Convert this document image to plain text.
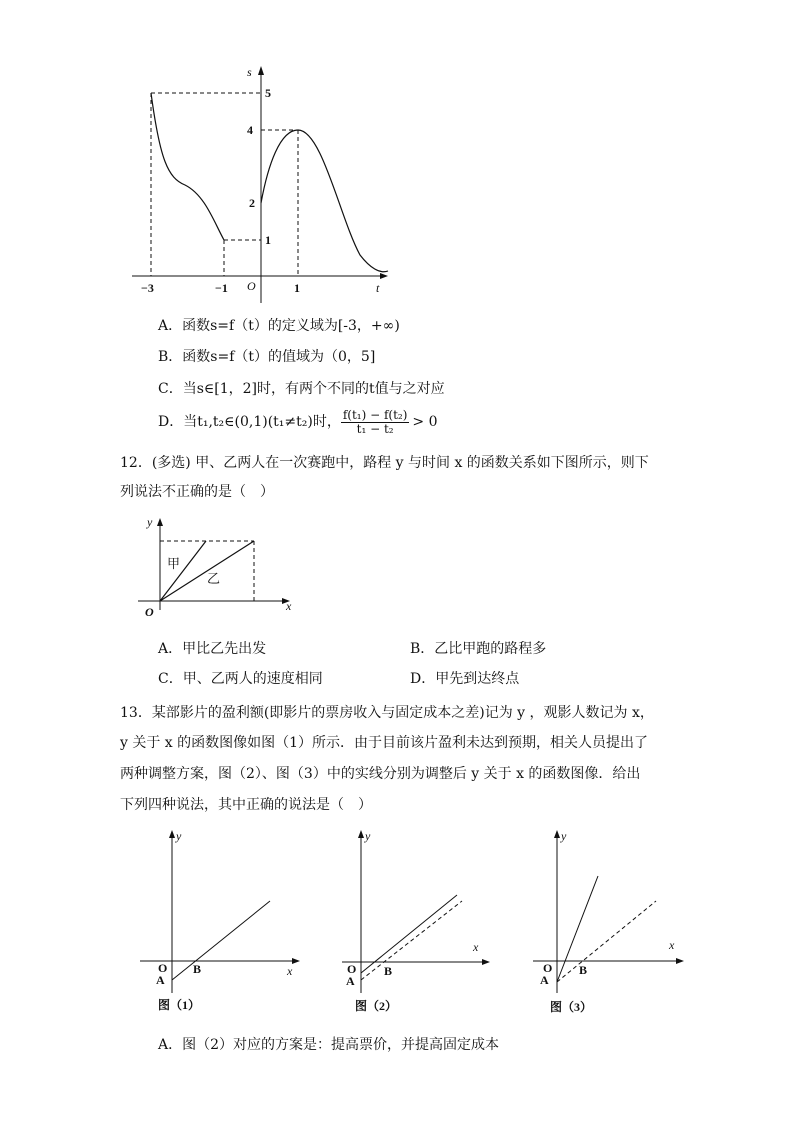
s
t
O
5
4
2
1
−3	−1	1
A．函数s=f（t）的定义域为[-3，+∞)
B．函数s=f（t）的值域为（0，5]
C．当s∈[1，2]时，有两个不同的t值与之对应
D．当t₁,t₂∈(0,1)(t₁≠t₂)时， $\frac{\text{f(t₁) − f(t₂)}}{\text{t₁ − t₂}} > 0$
12．(多选) 甲、乙两人在一次赛跑中，路程 y 与时间 x 的函数关系如下图所示，则下
列说法不正确的是（　）
y
x
O
甲
乙
A．甲比乙先出发	B．乙比甲跑的路程多
C．甲、乙两人的速度相同	D．甲先到达终点
13．某部影片的盈利额(即影片的票房收入与固定成本之差)记为 y ，观影人数记为 x，
y 关于 x 的函数图像如图（1）所示．由于目前该片盈利未达到预期，相关人员提出了
两种调整方案，图（2）、图（3）中的实线分别为调整后 y 关于 x 的函数图像．给出
下列四种说法，其中正确的说法是（　）
y
x
O
A
B
图（1）
y
x
O
A
B
图（2）
y
x
O
A
B
图（3）
A．图（2）对应的方案是：提高票价，并提高固定成本
